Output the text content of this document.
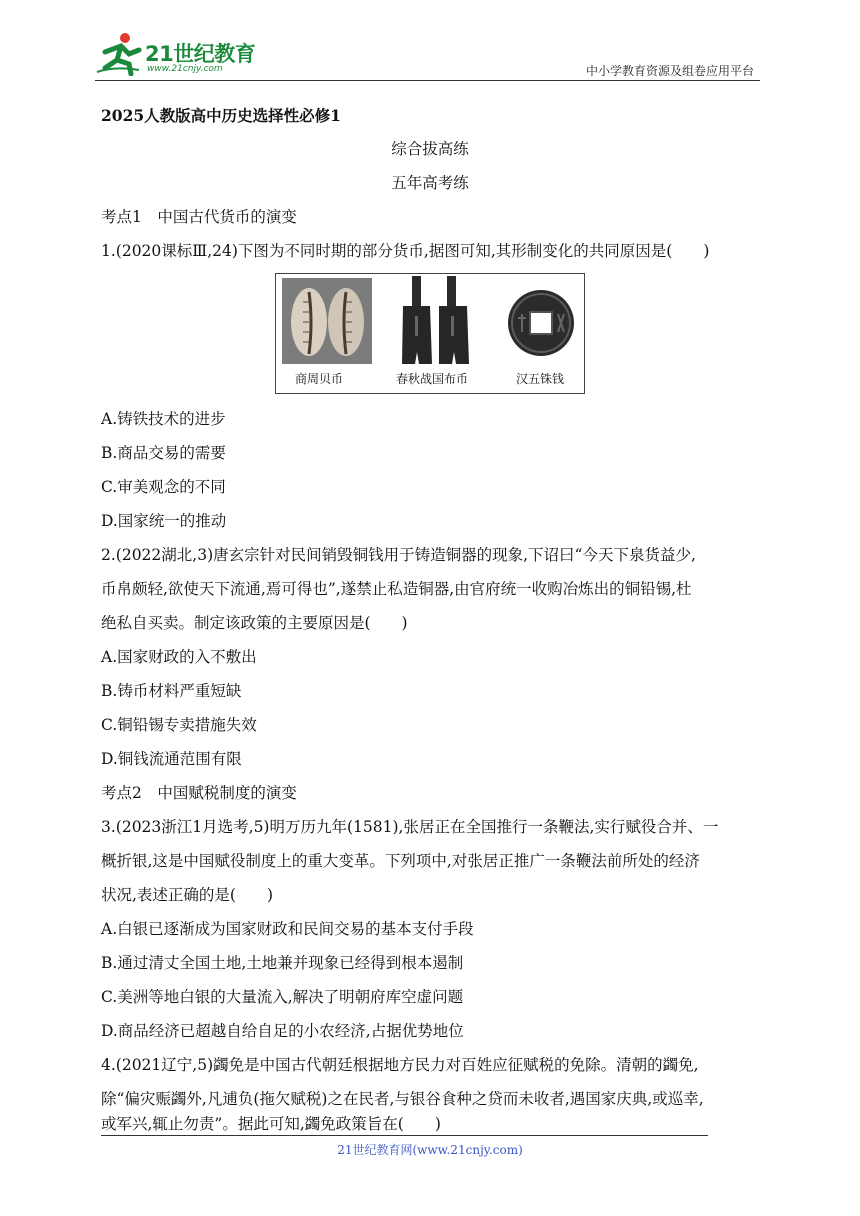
21世纪教育
www.21cnjy.com	中小学教育资源及组卷应用平台
2025人教版高中历史选择性必修1
综合拔高练
五年高考练
考点1　中国古代货币的演变
1.(2020课标Ⅲ,24)下图为不同时期的部分货币,据图可知,其形制变化的共同原因是(　　)
商周贝币	春秋战国布币	汉五铢钱
A.铸铁技术的进步
B.商品交易的需要
C.审美观念的不同
D.国家统一的推动
2.(2022湖北,3)唐玄宗针对民间销毁铜钱用于铸造铜器的现象,下诏曰“今天下泉货益少,
币帛颇轻,欲使天下流通,焉可得也”,遂禁止私造铜器,由官府统一收购冶炼出的铜铅锡,杜
绝私自买卖。制定该政策的主要原因是(　　)
A.国家财政的入不敷出
B.铸币材料严重短缺
C.铜铅锡专卖措施失效
D.铜钱流通范围有限
考点2　中国赋税制度的演变
3.(2023浙江1月选考,5)明万历九年(1581),张居正在全国推行一条鞭法,实行赋役合并、一
概折银,这是中国赋役制度上的重大变革。下列项中,对张居正推广一条鞭法前所处的经济
状况,表述正确的是(　　)
A.白银已逐渐成为国家财政和民间交易的基本支付手段
B.通过清丈全国土地,土地兼并现象已经得到根本遏制
C.美洲等地白银的大量流入,解决了明朝府库空虚问题
D.商品经济已超越自给自足的小农经济,占据优势地位
4.(2021辽宁,5)蠲免是中国古代朝廷根据地方民力对百姓应征赋税的免除。清朝的蠲免,
除“偏灾赈蠲外,凡逋负(拖欠赋税)之在民者,与银谷食种之贷而未收者,遇国家庆典,或巡幸,
或军兴,辄止勿责”。据此可知,蠲免政策旨在(　　)
21世纪教育网(www.21cnjy.com)
